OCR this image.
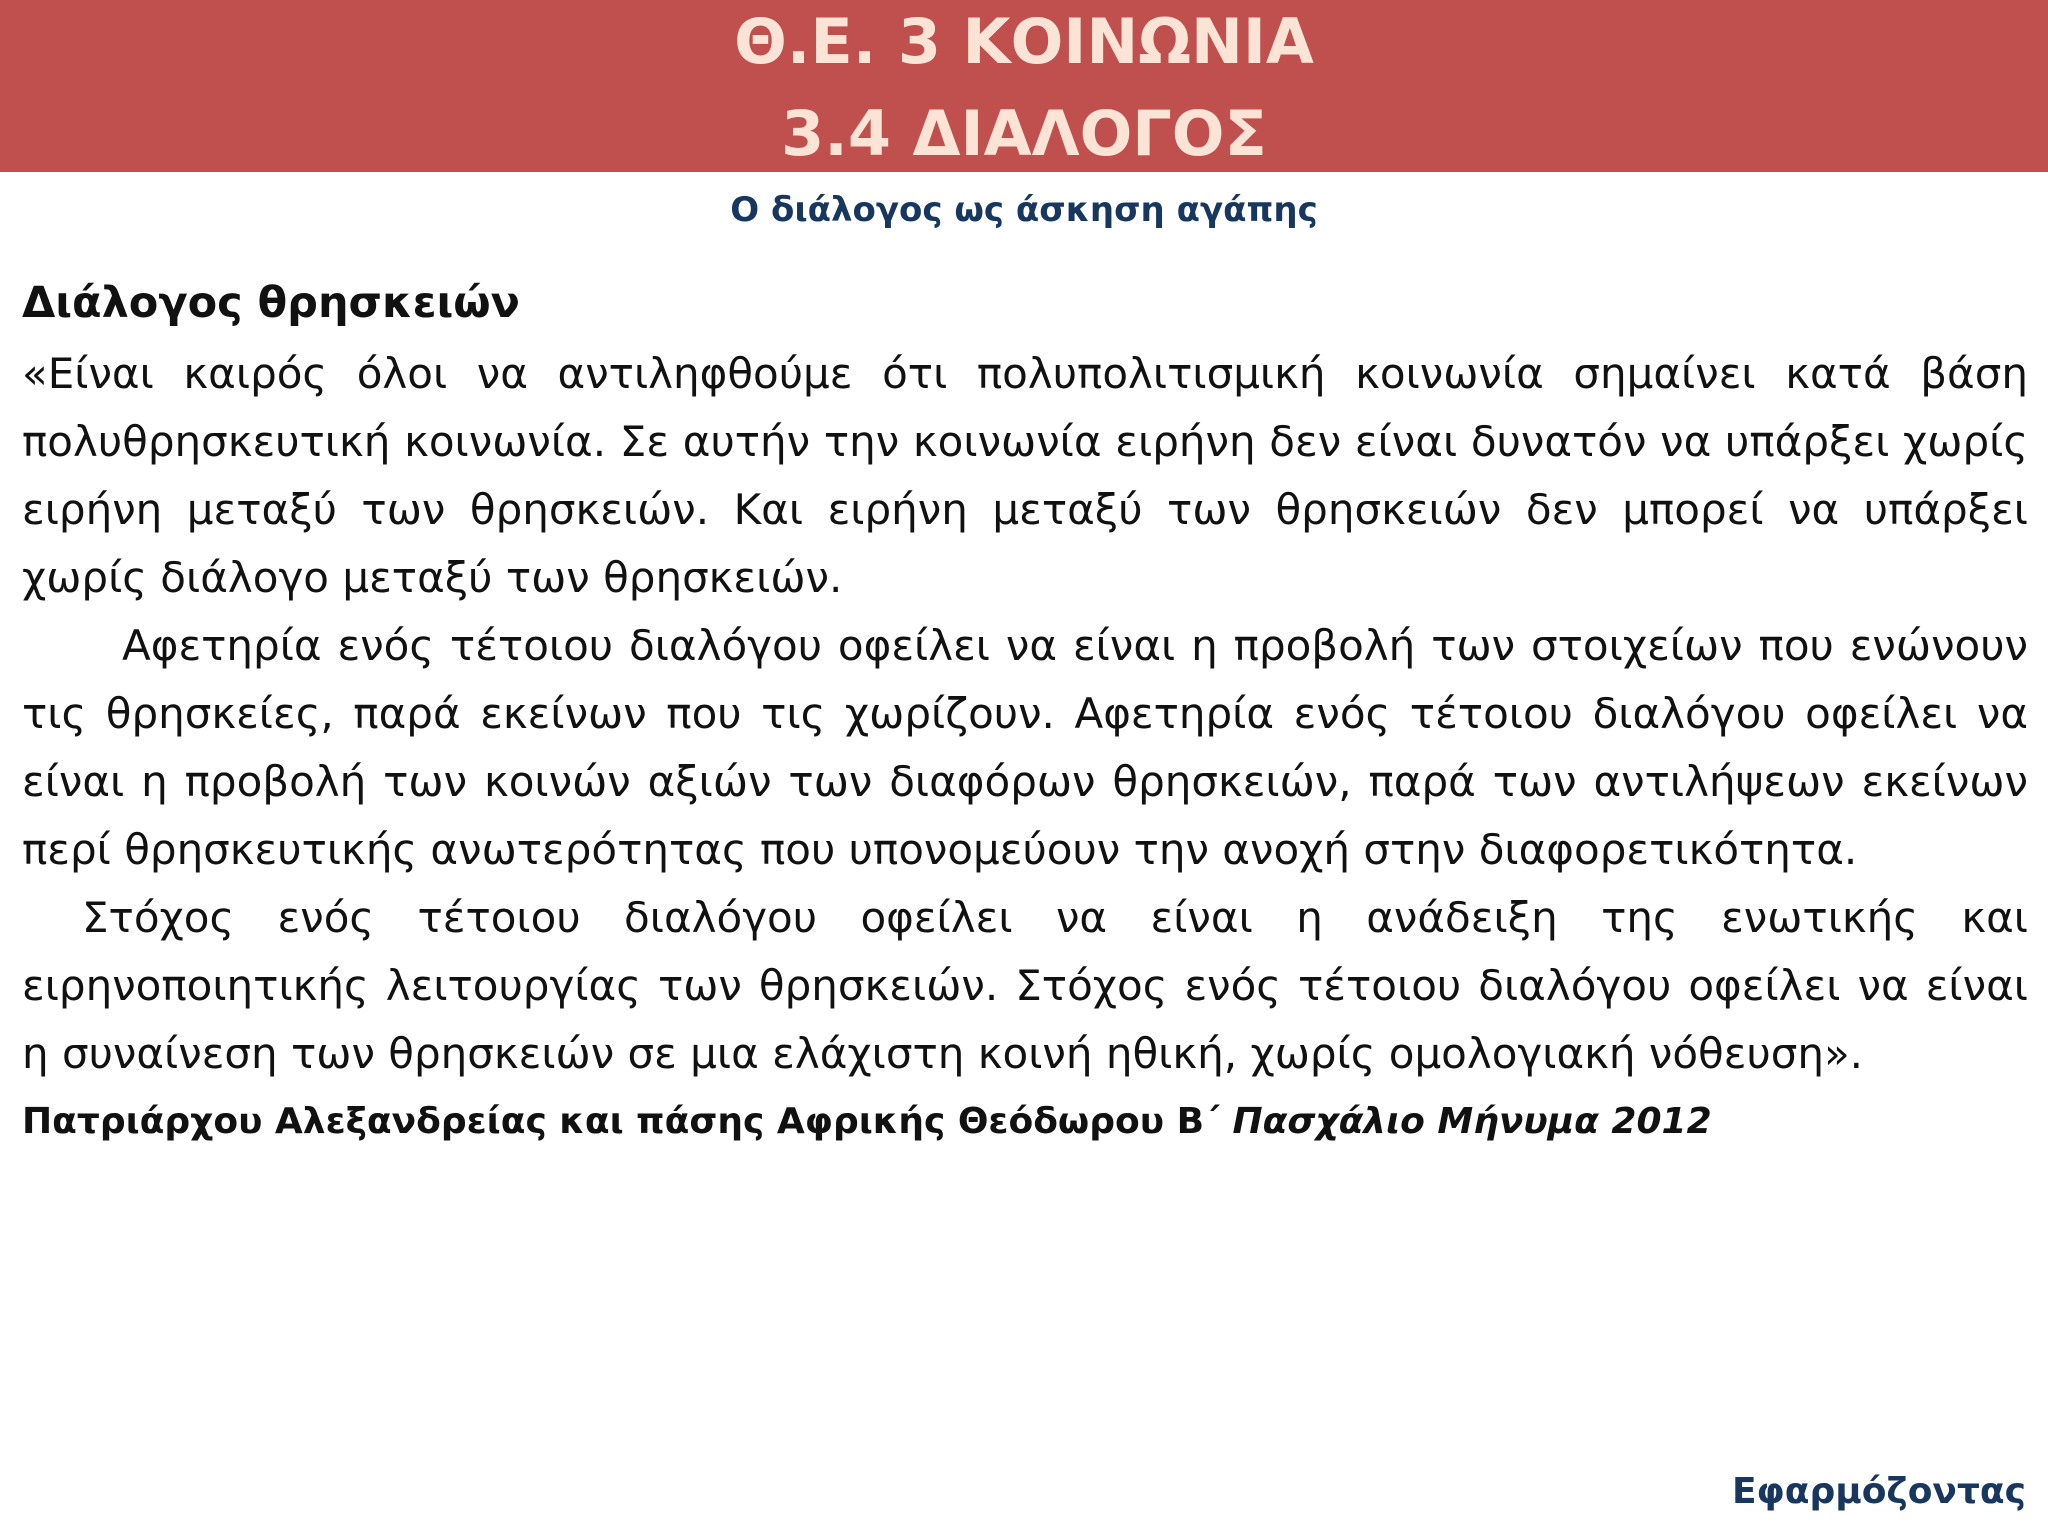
Θ.Ε. 3 ΚΟΙΝΩΝΙΑ
3.4 ΔΙΑΛΟΓΟΣ
Ο διάλογος ως άσκηση αγάπης
Διάλογος θρησκειών

«Είναι καιρός όλοι να αντιληφθούμε ότι πολυπολιτισμική κοινωνία σημαίνει κατά βάση πολυθρησκευτική κοινωνία. Σε αυτήν την κοινωνία ειρήνη δεν είναι δυνατόν να υπάρξει χωρίς ειρήνη μεταξύ των θρησκειών. Και ειρήνη μεταξύ των θρησκειών δεν μπορεί να υπάρξει χωρίς διάλογο μεταξύ των θρησκειών.

Αφετηρία ενός τέτοιου διαλόγου οφείλει να είναι η προβολή των στοιχείων που ενώνουν τις θρησκείες, παρά εκείνων που τις χωρίζουν. Αφετηρία ενός τέτοιου διαλόγου οφείλει να είναι η προβολή των κοινών αξιών των διαφόρων θρησκειών, παρά των αντιλήψεων εκείνων περί θρησκευτικής ανωτερότητας που υπονομεύουν την ανοχή στην διαφορετικότητα.

Στόχος ενός τέτοιου διαλόγου οφείλει να είναι η ανάδειξη της ενωτικής και ειρηνοποιητικής λειτουργίας των θρησκειών. Στόχος ενός τέτοιου διαλόγου οφείλει να είναι η συναίνεση των θρησκειών σε μια ελάχιστη κοινή ηθική, χωρίς ομολογιακή νόθευση».

Πατριάρχου Αλεξανδρείας και πάσης Αφρικής Θεόδωρου Β΄ Πασχάλιο Μήνυμα 2012
Εφαρμόζοντας
